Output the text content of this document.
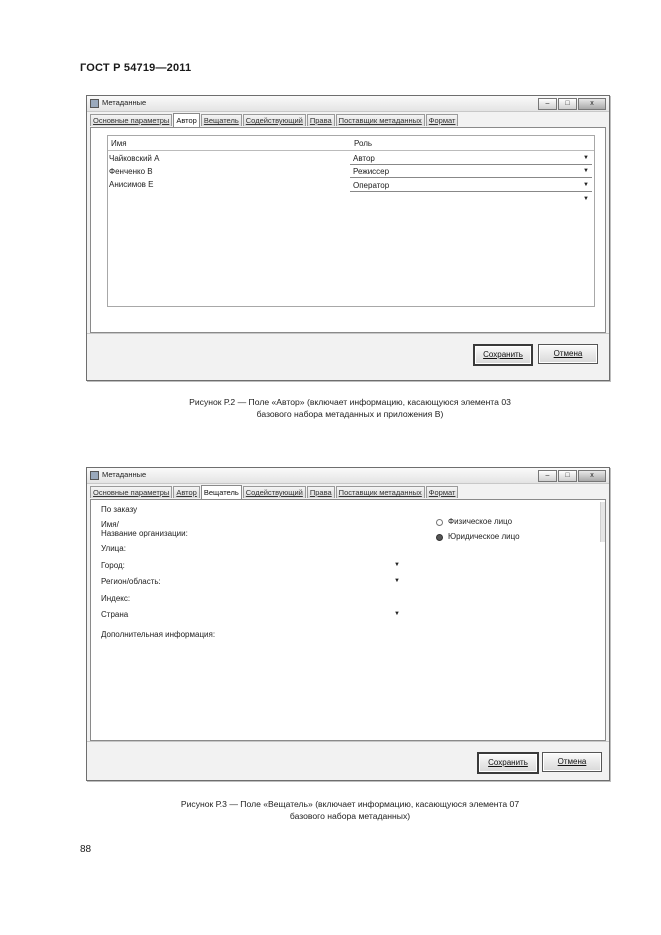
ГОСТ Р 54719—2011
Метаданные	–	□	x
Основные параметры Автор Вещатель Содействующий Права Поставщик метаданных Формат
Имя	Роль
Чайковский А	Автор	▼
Фенченко В	Режиссер	▼
Анисимов Е	Оператор	▼
▼
Сохранить	Отмена
Рисунок Р.2 — Поле «Автор» (включает информацию, касающуюся элемента 03
базового набора метаданных и приложения В)
Метаданные	–	□	x
Основные параметры Автор Вещатель Содействующий Права Поставщик метаданных Формат
По заказу
Имя/
Название организации:
Улица:
Город:	▼
Регион/область:	▼
Индекс:
Страна	▼
Дополнительная информация:
Физическое лицо
Юридическое лицо
Сохранить	Отмена
Рисунок Р.3 — Поле «Вещатель» (включает информацию, касающуюся элемента 07
базового набора метаданных)
88
